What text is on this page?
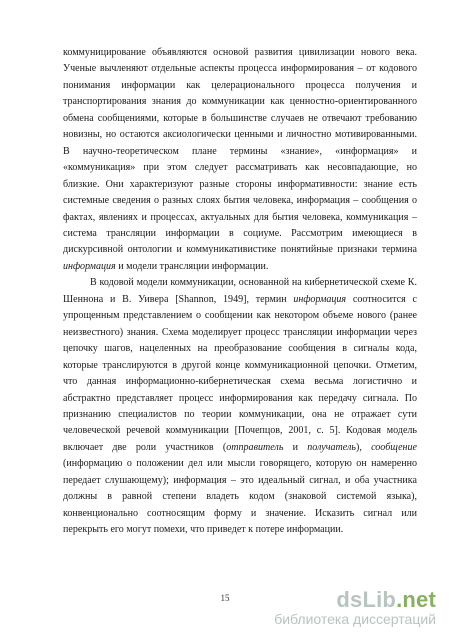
коммуницирование объявляются основой развития цивилизации нового века. Ученые вычленяют отдельные аспекты процесса информирования – от кодового понимания информации как целерационального процесса получения и транспортирования знания до коммуникации как ценностно-ориентированного обмена сообщениями, которые в большинстве случаев не отвечают требованию новизны, но остаются аксиологически ценными и личностно мотивированными. В научно-теоретическом плане термины «знание», «информация» и «коммуникация» при этом следует рассматривать как несовпадающие, но близкие. Они характеризуют разные стороны информативности: знание есть системные сведения о разных слоях бытия человека, информация – сообщения о фактах, явлениях и процессах, актуальных для бытия человека, коммуникация – система трансляции информации в социуме. Рассмотрим имеющиеся в дискурсивной онтологии и коммуникативистике понятийные признаки термина информация и модели трансляции информации.

В кодовой модели коммуникации, основанной на кибернетической схеме К. Шеннона и В. Уивера [Shannon, 1949], термин информация соотносится с упрощенным представлением о сообщении как некотором объеме нового (ранее неизвестного) знания. Схема моделирует процесс трансляции информации через цепочку шагов, нацеленных на преобразование сообщения в сигналы кода, которые транслируются в другой конце коммуникационной цепочки. Отметим, что данная информационно-кибернетическая схема весьма логистично и абстрактно представляет процесс информирования как передачу сигнала. По признанию специалистов по теории коммуникации, она не отражает сути человеческой речевой коммуникации [Почепцов, 2001, с. 5]. Кодовая модель включает две роли участников (отправитель и получатель), сообщение (информацию о положении дел или мысли говорящего, которую он намеренно передает слушающему); информация – это идеальный сигнал, и оба участника должны в равной степени владеть кодом (знаковой системой языка), конвенционально соотносящим форму и значение. Исказить сигнал или перекрыть его могут помехи, что приведет к потере информации.

15	dsLib.net
библиотека диссертаций
